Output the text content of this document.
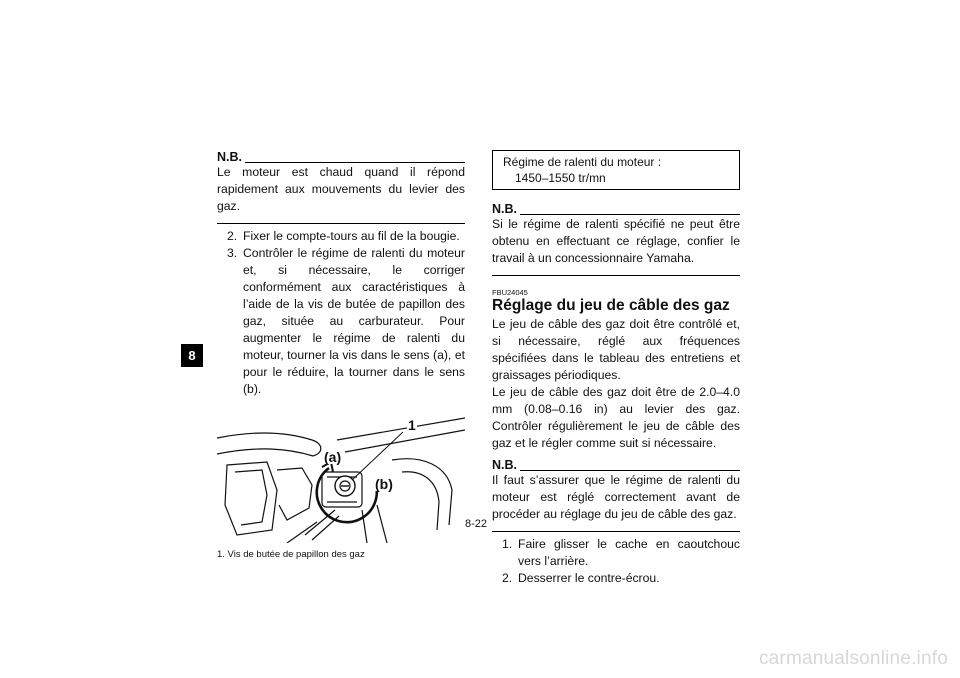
8
N.B.

Le moteur est chaud quand il répond rapidement aux mouvements du levier des gaz.

2. Fixer le compte-tours au fil de la bougie.
3. Contrôler le régime de ralenti du moteur et, si nécessaire, le corriger conformément aux caractéristiques à l’aide de la vis de butée de papillon des gaz, située au carburateur. Pour augmenter le régime de ralenti du moteur, tourner la vis dans le sens (a), et pour le réduire, la tourner dans le sens (b).
1
(a)
(b)
1. Vis de butée de papillon des gaz
Régime de ralenti du moteur :
1450–1550 tr/mn
N.B.

Si le régime de ralenti spécifié ne peut être obtenu en effectuant ce réglage, confier le travail à un concessionnaire Yamaha.

FBU24045
Réglage du jeu de câble des gaz

Le jeu de câble des gaz doit être contrôlé et, si nécessaire, réglé aux fréquences spécifiées dans le tableau des entretiens et graissages périodiques.

Le jeu de câble des gaz doit être de 2.0–4.0 mm (0.08–0.16 in) au levier des gaz. Contrôler régulièrement le jeu de câble des gaz et le régler comme suit si nécessaire.

N.B.

Il faut s’assurer que le régime de ralenti du moteur est réglé correctement avant de procéder au réglage du jeu de câble des gaz.

1. Faire glisser le cache en caoutchouc vers l’arrière.
2. Desserrer le contre-écrou.
8-22
carmanualsonline.info
